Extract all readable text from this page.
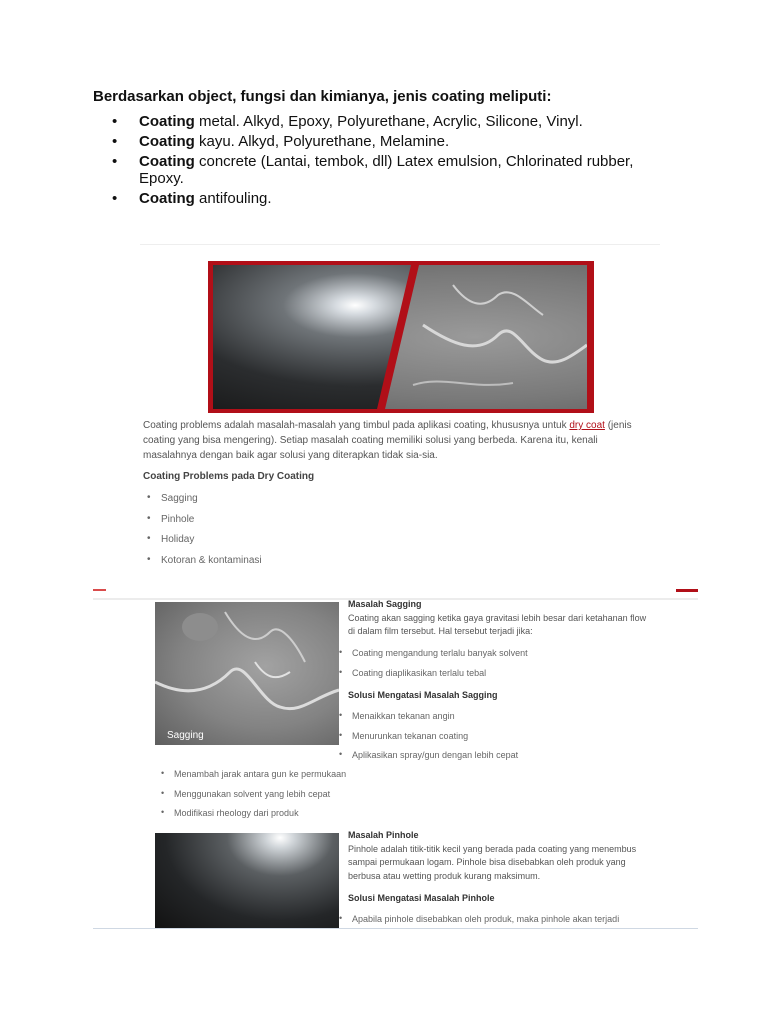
Berdasarkan object, fungsi dan kimianya, jenis coating meliputi:
• Coating metal. Alkyd, Epoxy, Polyurethane, Acrylic, Silicone, Vinyl.
• Coating kayu. Alkyd, Polyurethane, Melamine.
• Coating concrete (Lantai, tembok, dll) Latex emulsion, Chlorinated rubber, Epoxy.
• Coating antifouling.
Coating problems adalah masalah-masalah yang timbul pada aplikasi coating, khususnya untuk dry coat (jenis coating yang bisa mengering). Setiap masalah coating memiliki solusi yang berbeda. Karena itu, kenali masalahnya dengan baik agar solusi yang diterapkan tidak sia-sia.
Coating Problems pada Dry Coating
• Sagging
• Pinhole
• Holiday
• Kotoran & kontaminasi
Sagging
Masalah Sagging
Coating akan sagging ketika gaya gravitasi lebih besar dari ketahanan flow di dalam film tersebut. Hal tersebut terjadi jika:
• Coating mengandung terlalu banyak solvent
• Coating diaplikasikan terlalu tebal
Solusi Mengatasi Masalah Sagging
• Menaikkan tekanan angin
• Menurunkan tekanan coating
• Aplikasikan spray/gun dengan lebih cepat
• Menambah jarak antara gun ke permukaan
• Menggunakan solvent yang lebih cepat
• Modifikasi rheology dari produk
Masalah Pinhole
Pinhole adalah titik-titik kecil yang berada pada coating yang menembus sampai permukaan logam. Pinhole bisa disebabkan oleh produk yang berbusa atau wetting produk kurang maksimum.
Solusi Mengatasi Masalah Pinhole
• Apabila pinhole disebabkan oleh produk, maka pinhole akan terjadi
